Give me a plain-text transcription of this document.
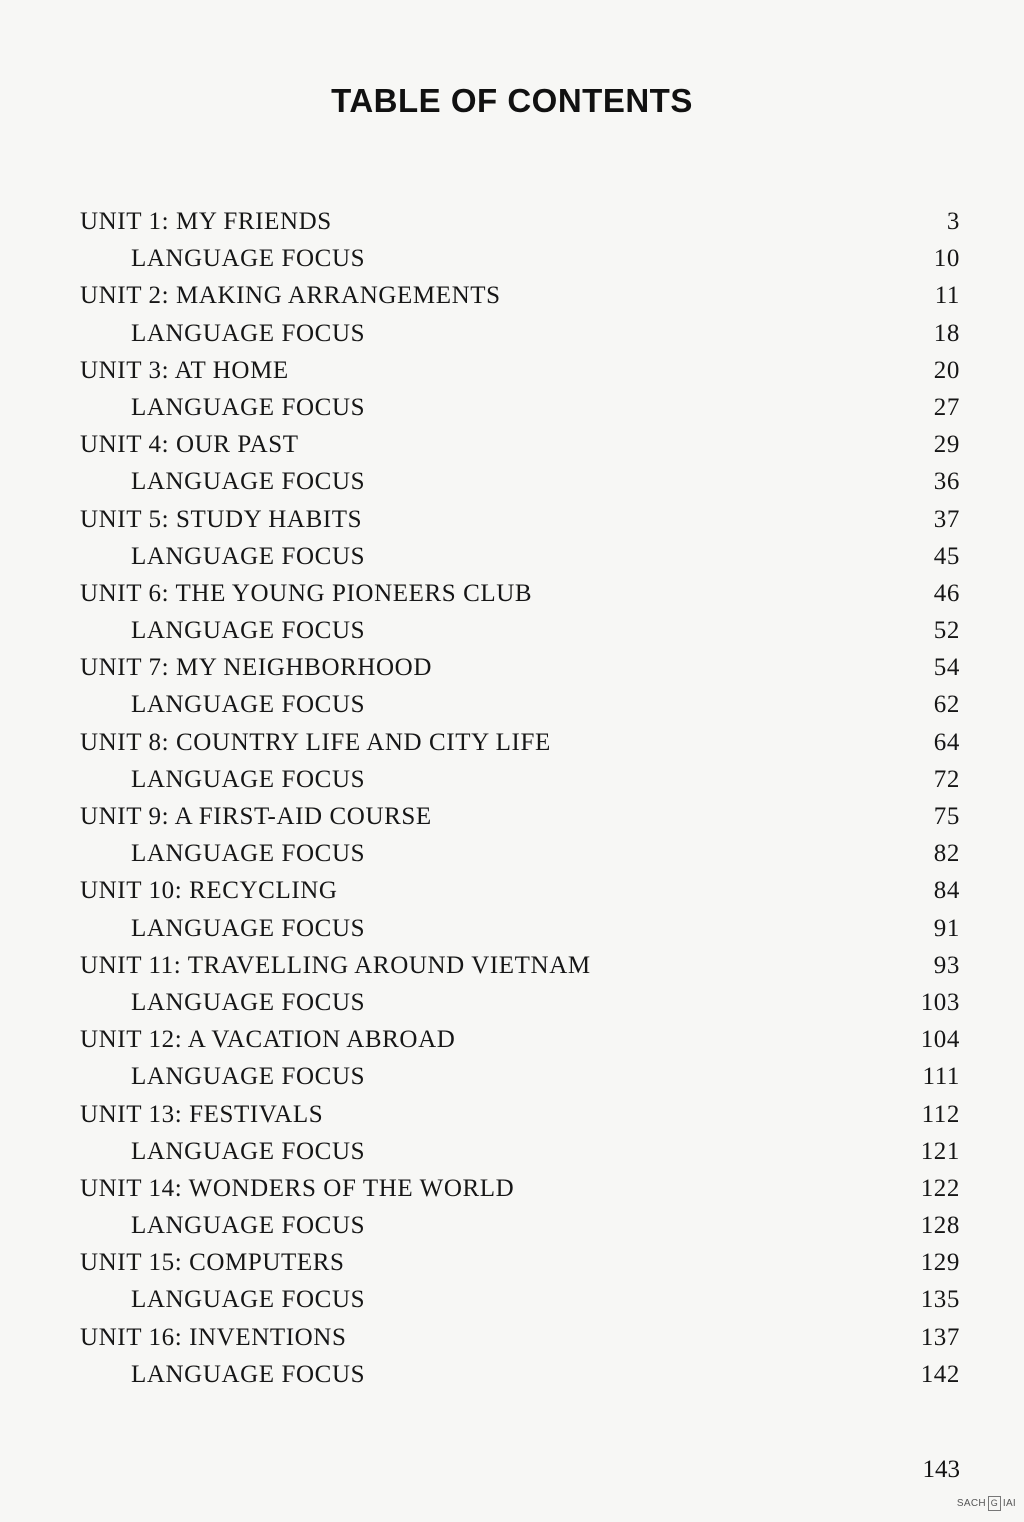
TABLE OF CONTENTS
UNIT 1: MY FRIENDS	3
LANGUAGE FOCUS	10
UNIT 2: MAKING ARRANGEMENTS	11
LANGUAGE FOCUS	18
UNIT 3: AT HOME	20
LANGUAGE FOCUS	27
UNIT 4: OUR PAST	29
LANGUAGE FOCUS	36
UNIT 5: STUDY HABITS	37
LANGUAGE FOCUS	45
UNIT 6: THE YOUNG PIONEERS CLUB	46
LANGUAGE FOCUS	52
UNIT 7: MY NEIGHBORHOOD	54
LANGUAGE FOCUS	62
UNIT 8: COUNTRY LIFE AND CITY LIFE	64
LANGUAGE FOCUS	72
UNIT 9: A FIRST-AID COURSE	75
LANGUAGE FOCUS	82
UNIT 10: RECYCLING	84
LANGUAGE FOCUS	91
UNIT 11: TRAVELLING AROUND VIETNAM	93
LANGUAGE FOCUS	103
UNIT 12: A VACATION ABROAD	104
LANGUAGE FOCUS	111
UNIT 13: FESTIVALS	112
LANGUAGE FOCUS	121
UNIT 14: WONDERS OF THE WORLD	122
LANGUAGE FOCUS	128
UNIT 15: COMPUTERS	129
LANGUAGE FOCUS	135
UNIT 16: INVENTIONS	137
LANGUAGE FOCUS	142
143
SACH G IAI
